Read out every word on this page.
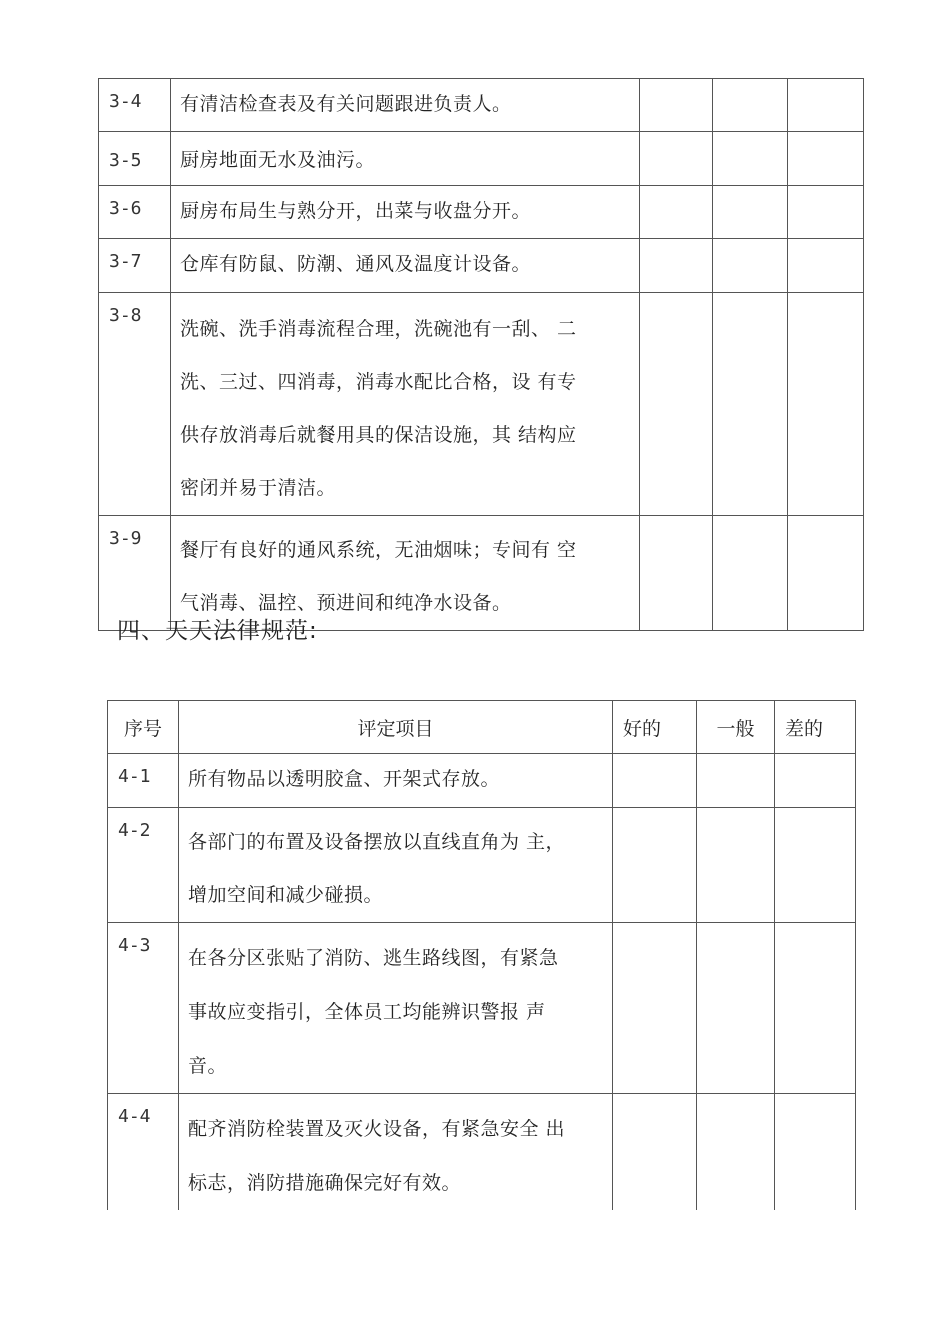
3-4	有清洁检查表及有关问题跟进负责人。			
3-5	厨房地面无水及油污。			
3-6	厨房布局生与熟分开，出菜与收盘分开。			
3-7	仓库有防鼠、防潮、通风及温度计设备。			
3-8	洗碗、洗手消毒流程合理，洗碗池有一刮、 二
洗、三过、四消毒，消毒水配比合格，设 有专
供存放消毒后就餐用具的保洁设施，其 结构应
密闭并易于清洁。			

3-9	餐厅有良好的通风系统，无油烟味；专间有 空
气消毒、温控、预进间和纯净水设备。			

四、天天法律规范:
序号	评定项目	好的	一般	差的
4-1	所有物品以透明胶盒、开架式存放。			

4-2	各部门的布置及设备摆放以直线直角为 主，
增加空间和减少碰损。			

4-3	在各分区张贴了消防、逃生路线图，有紧急
事故应变指引，全体员工均能辨识警报 声
音。			

4-4	配齐消防栓装置及灭火设备，有紧急安全 出
标志，消防措施确保完好有效。			
